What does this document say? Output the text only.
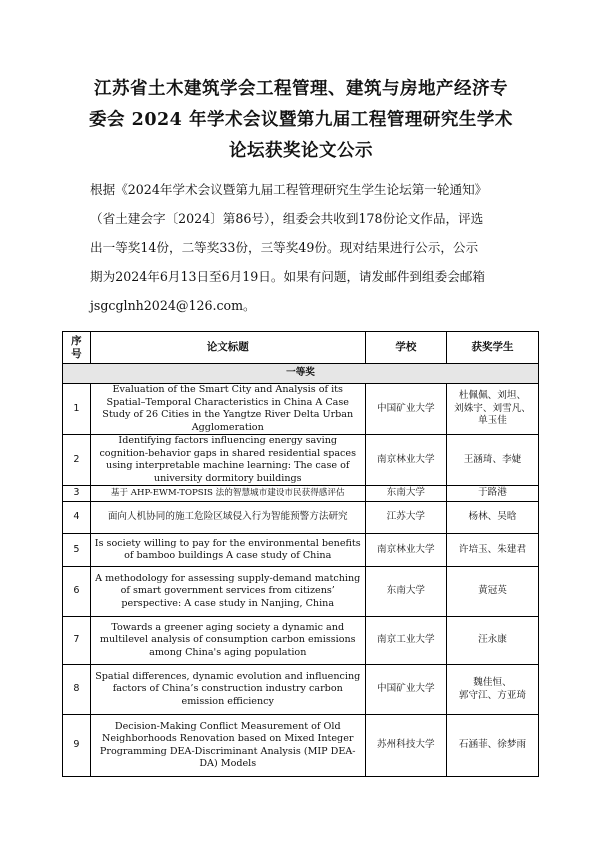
江苏省土木建筑学会工程管理、建筑与房地产经济专
委会 2024 年学术会议暨第九届工程管理研究生学术
论坛获奖论文公示
根据《2024年学术会议暨第九届工程管理研究生学生论坛第一轮通知》
（省土建会字〔2024〕第86号），组委会共收到178份论文作品，评选
出一等奖14份，二等奖33份，三等奖49份。现对结果进行公示，公示
期为2024年6月13日至6月19日。如果有问题，请发邮件到组委会邮箱
jsgcglnh2024@126.com。
序号	论文标题	学校	获奖学生
一等奖			
1	Evaluation of the Smart City and Analysis of its Spatial–Temporal Characteristics in China A Case Study of 26 Cities in the Yangtze River Delta Urban Agglomeration	中国矿业大学	杜佩佩、刘坦、
刘姝宇、刘雪凡、
单玉佳

2	Identifying factors influencing energy saving cognition-behavior gaps in shared residential spaces using interpretable machine learning: The case of university dormitory buildings	南京林业大学	王涵琦、李婕

3	基于 AHP-EWM-TOPSIS 法的智慧城市建设市民获得感评估	东南大学	于路港

4	面向人机协同的施工危险区域侵入行为智能预警方法研究	江苏大学	杨林、吴晗

5	Is society willing to pay for the environmental benefits of bamboo buildings A case study of China	南京林业大学	许培玉、朱建君

6	A methodology for assessing supply-demand matching of smart government services from citizens’ perspective: A case study in Nanjing, China	东南大学	黄冠英

7	Towards a greener aging society a dynamic and multilevel analysis of consumption carbon emissions among China's aging population	南京工业大学	汪永康

8	Spatial differences, dynamic evolution and influencing factors of China’s construction industry carbon emission efficiency	中国矿业大学	魏佳恒、
郭守江、方亚琦

9	Decision-Making Conflict Measurement of Old Neighborhoods Renovation based on Mixed Integer Programming DEA-Discriminant Analysis (MIP DEA-DA) Models	苏州科技大学	石涵菲、徐梦雨
